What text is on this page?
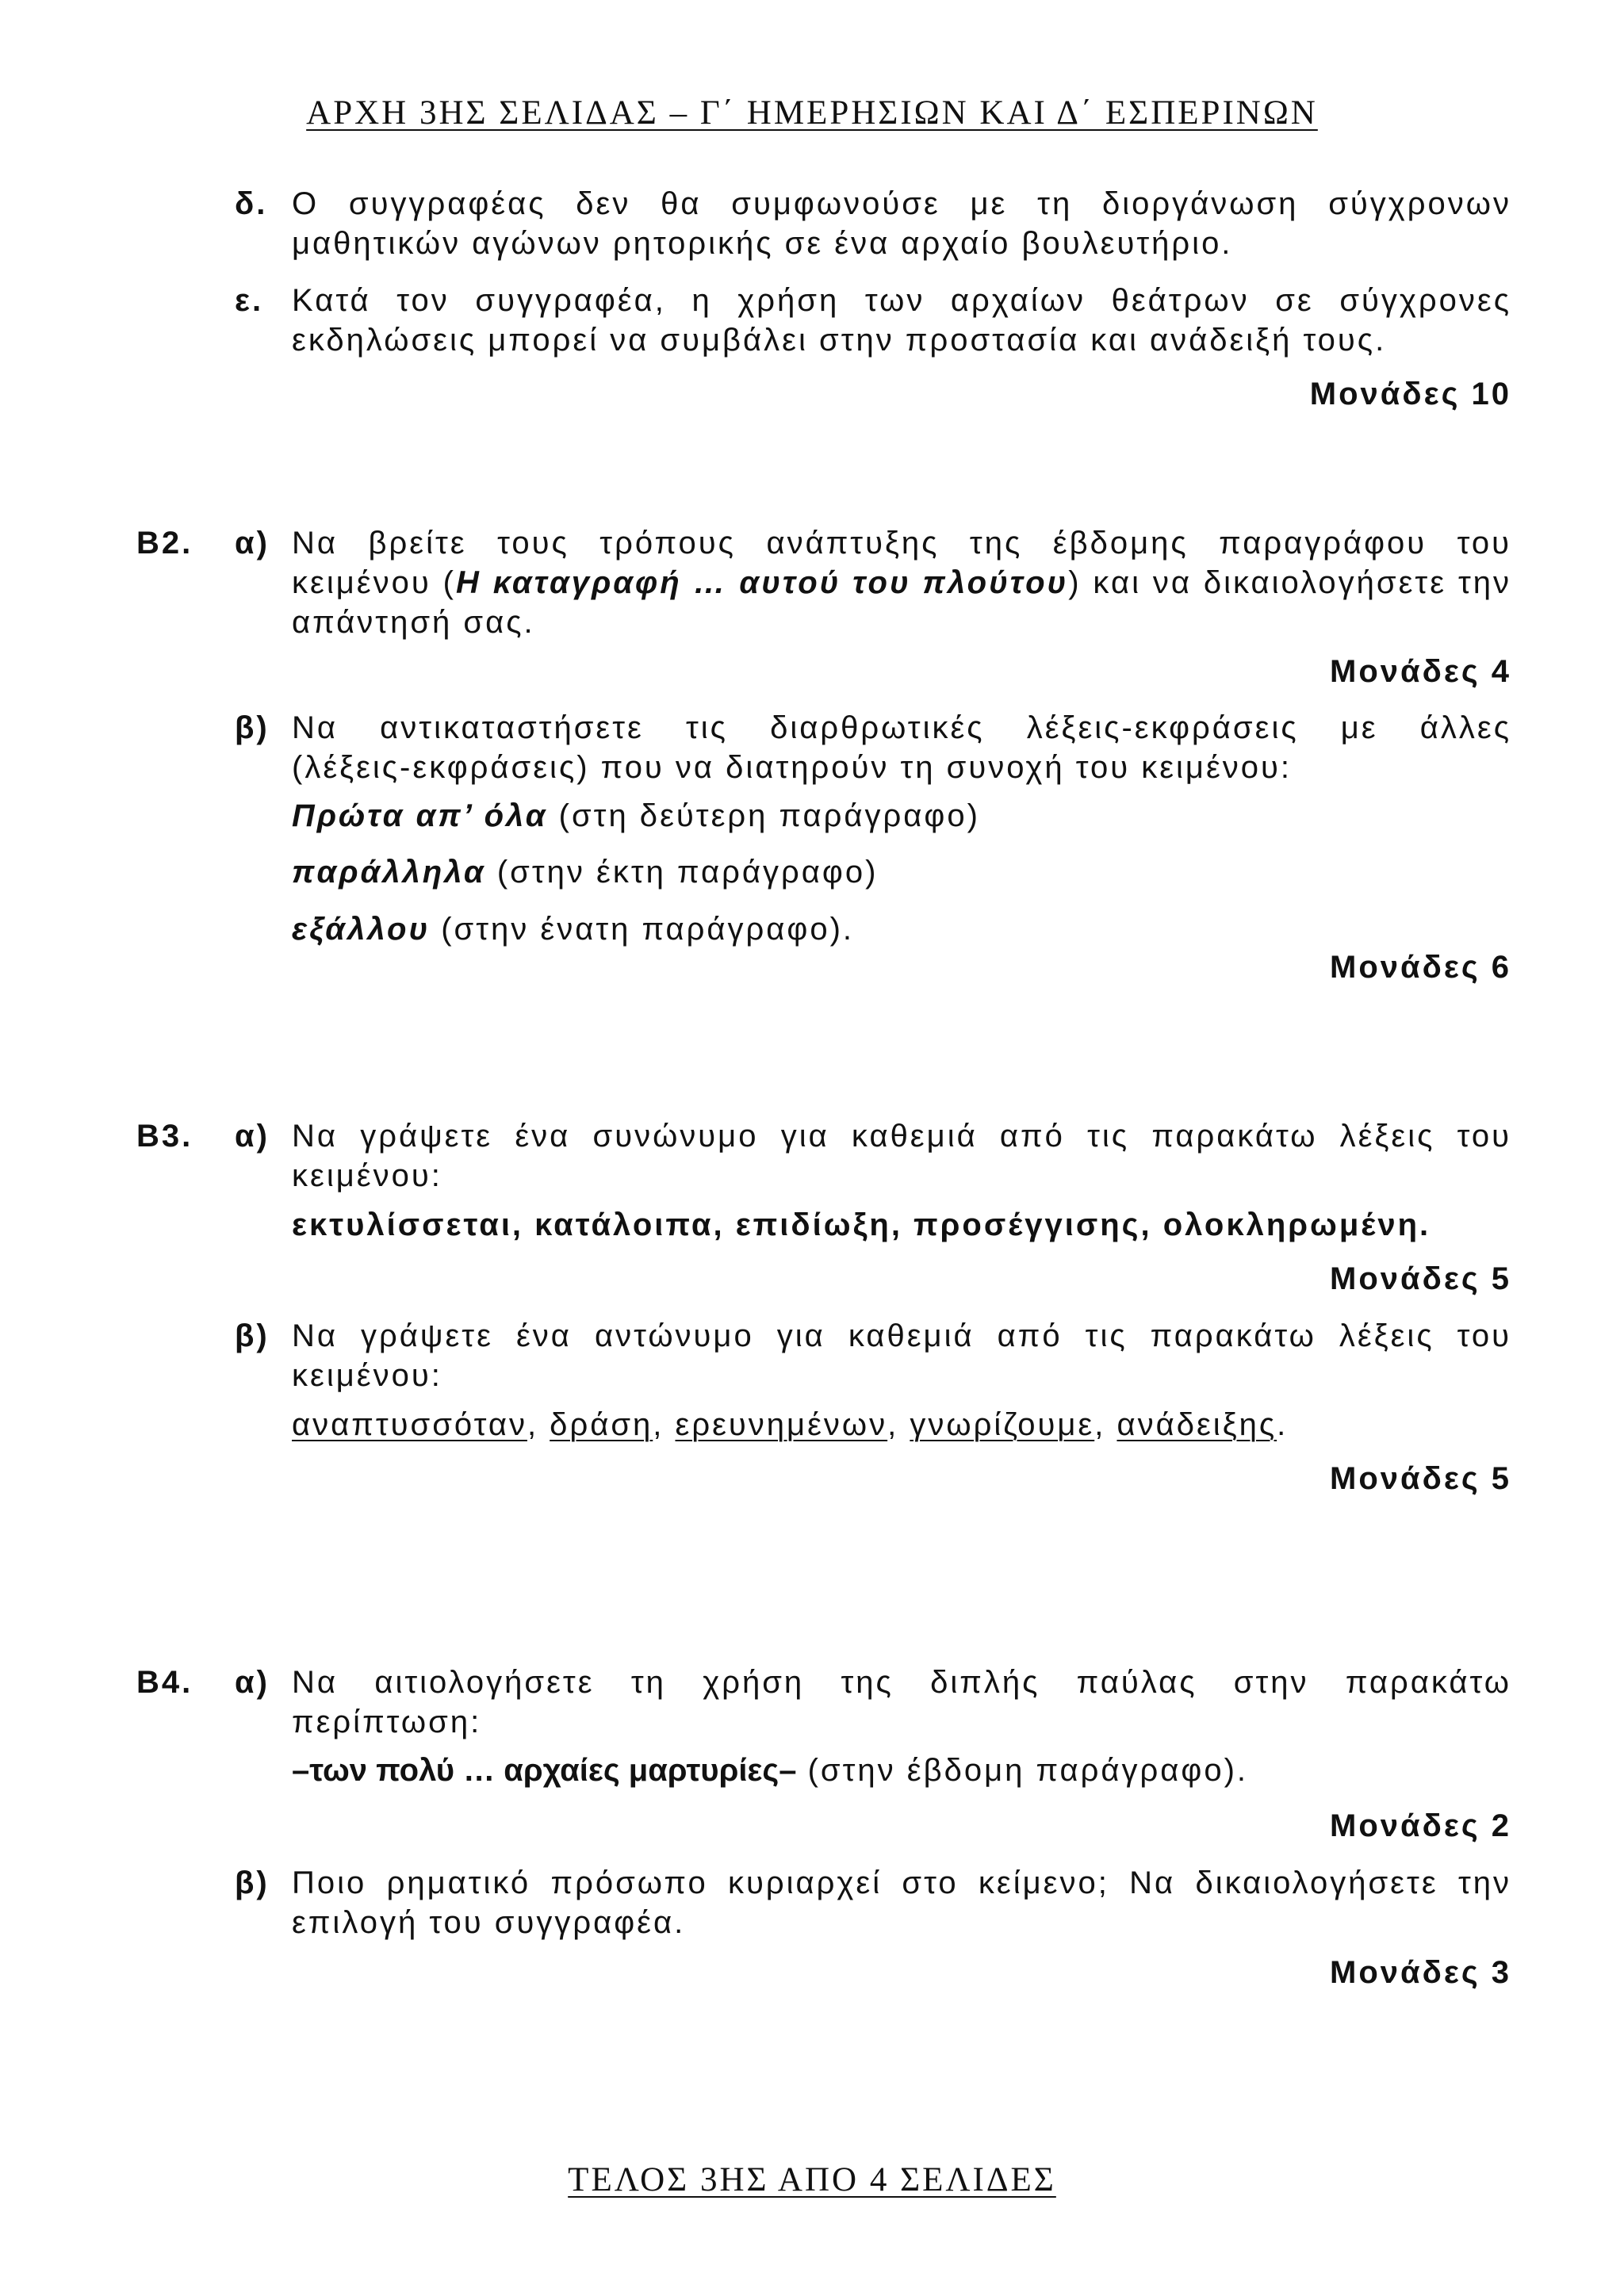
ΑΡΧΗ 3ΗΣ ΣΕΛΙΔΑΣ – Γ΄ ΗΜΕΡΗΣΙΩΝ ΚΑΙ Δ΄ ΕΣΠΕΡΙΝΩΝ
δ. Ο συγγραφέας δεν θα συμφωνούσε με τη διοργάνωση σύγχρονων
μαθητικών αγώνων ρητορικής σε ένα αρχαίο βουλευτήριο.
ε. Κατά τον συγγραφέα, η χρήση των αρχαίων θεάτρων σε σύγχρονες
εκδηλώσεις μπορεί να συμβάλει στην προστασία και ανάδειξή τους.
Μονάδες 10
Β2. α) Να βρείτε τους τρόπους ανάπτυξης της έβδομης παραγράφου του
κειμένου (Η καταγραφή … αυτού του πλούτου) και να δικαιολογήσετε την
απάντησή σας.
Μονάδες 4
β) Να αντικαταστήσετε τις διαρθρωτικές λέξεις-εκφράσεις με άλλες
(λέξεις-εκφράσεις) που να διατηρούν τη συνοχή του κειμένου:
Πρώτα απ’ όλα (στη δεύτερη παράγραφο)
παράλληλα (στην έκτη παράγραφο)
εξάλλου (στην ένατη παράγραφο).
Μονάδες 6
Β3. α) Να γράψετε ένα συνώνυμο για καθεμιά από τις παρακάτω λέξεις του
κειμένου:
εκτυλίσσεται, κατάλοιπα, επιδίωξη, προσέγγισης, ολοκληρωμένη.
Μονάδες 5
β) Να γράψετε ένα αντώνυμο για καθεμιά από τις παρακάτω λέξεις του
κειμένου:
αναπτυσσόταν, δράση, ερευνημένων, γνωρίζουμε, ανάδειξης.
Μονάδες 5
Β4. α) Να αιτιολογήσετε τη χρήση της διπλής παύλας στην παρακάτω
περίπτωση:
–των πολύ … αρχαίες μαρτυρίες– (στην έβδομη παράγραφο).
Μονάδες 2
β) Ποιο ρηματικό πρόσωπο κυριαρχεί στο κείμενο; Να δικαιολογήσετε την
επιλογή του συγγραφέα.
Μονάδες 3
ΤΕΛΟΣ 3ΗΣ ΑΠΟ 4 ΣΕΛΙΔΕΣ
